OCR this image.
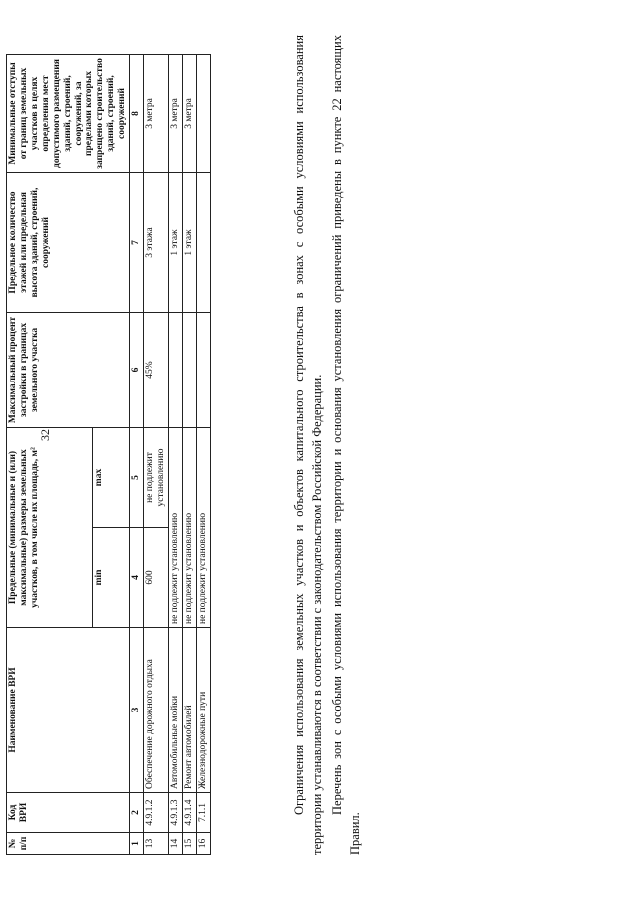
32
№ п/п	Код ВРИ	Наименование ВРИ	Предельные (минимальные и (или) максимальные) размеры земельных участков, в том числе их площадь, м²		Максимальный процент застройки в границах земельного участка	Предельное количество этажей или предельная высота зданий, строений, сооружений	Минимальные отступы от границ земельных участков в целях определения мест допустимого размещения зданий, строений, сооружений, за пределами которых запрещено строительство зданий, строений, сооружений
			min	max			
1	2	3	4	5	6	7	8
13	4.9.1.2	Обеспечение дорожного отдыха	600	не подлежит установлению	45%	3 этажа	3 метра
14	4.9.1.3	Автомобильные мойки	не подлежит установлению			1 этаж	3 метра
15	4.9.1.4	Ремонт автомобилей	не подлежит установлению			1 этаж	3 метра
16	7.1.1	Железнодорожные пути	не подлежит установлению					Ограничения использования земельных участков и объектов капитального строительства в зонах с особыми условиями использования территории устанавливаются в соответствии с законодательством Российской Федерации. Перечень зон с особыми условиями использования территории и основания установления ограничений приведены в пункте 22 настоящих Правил.
